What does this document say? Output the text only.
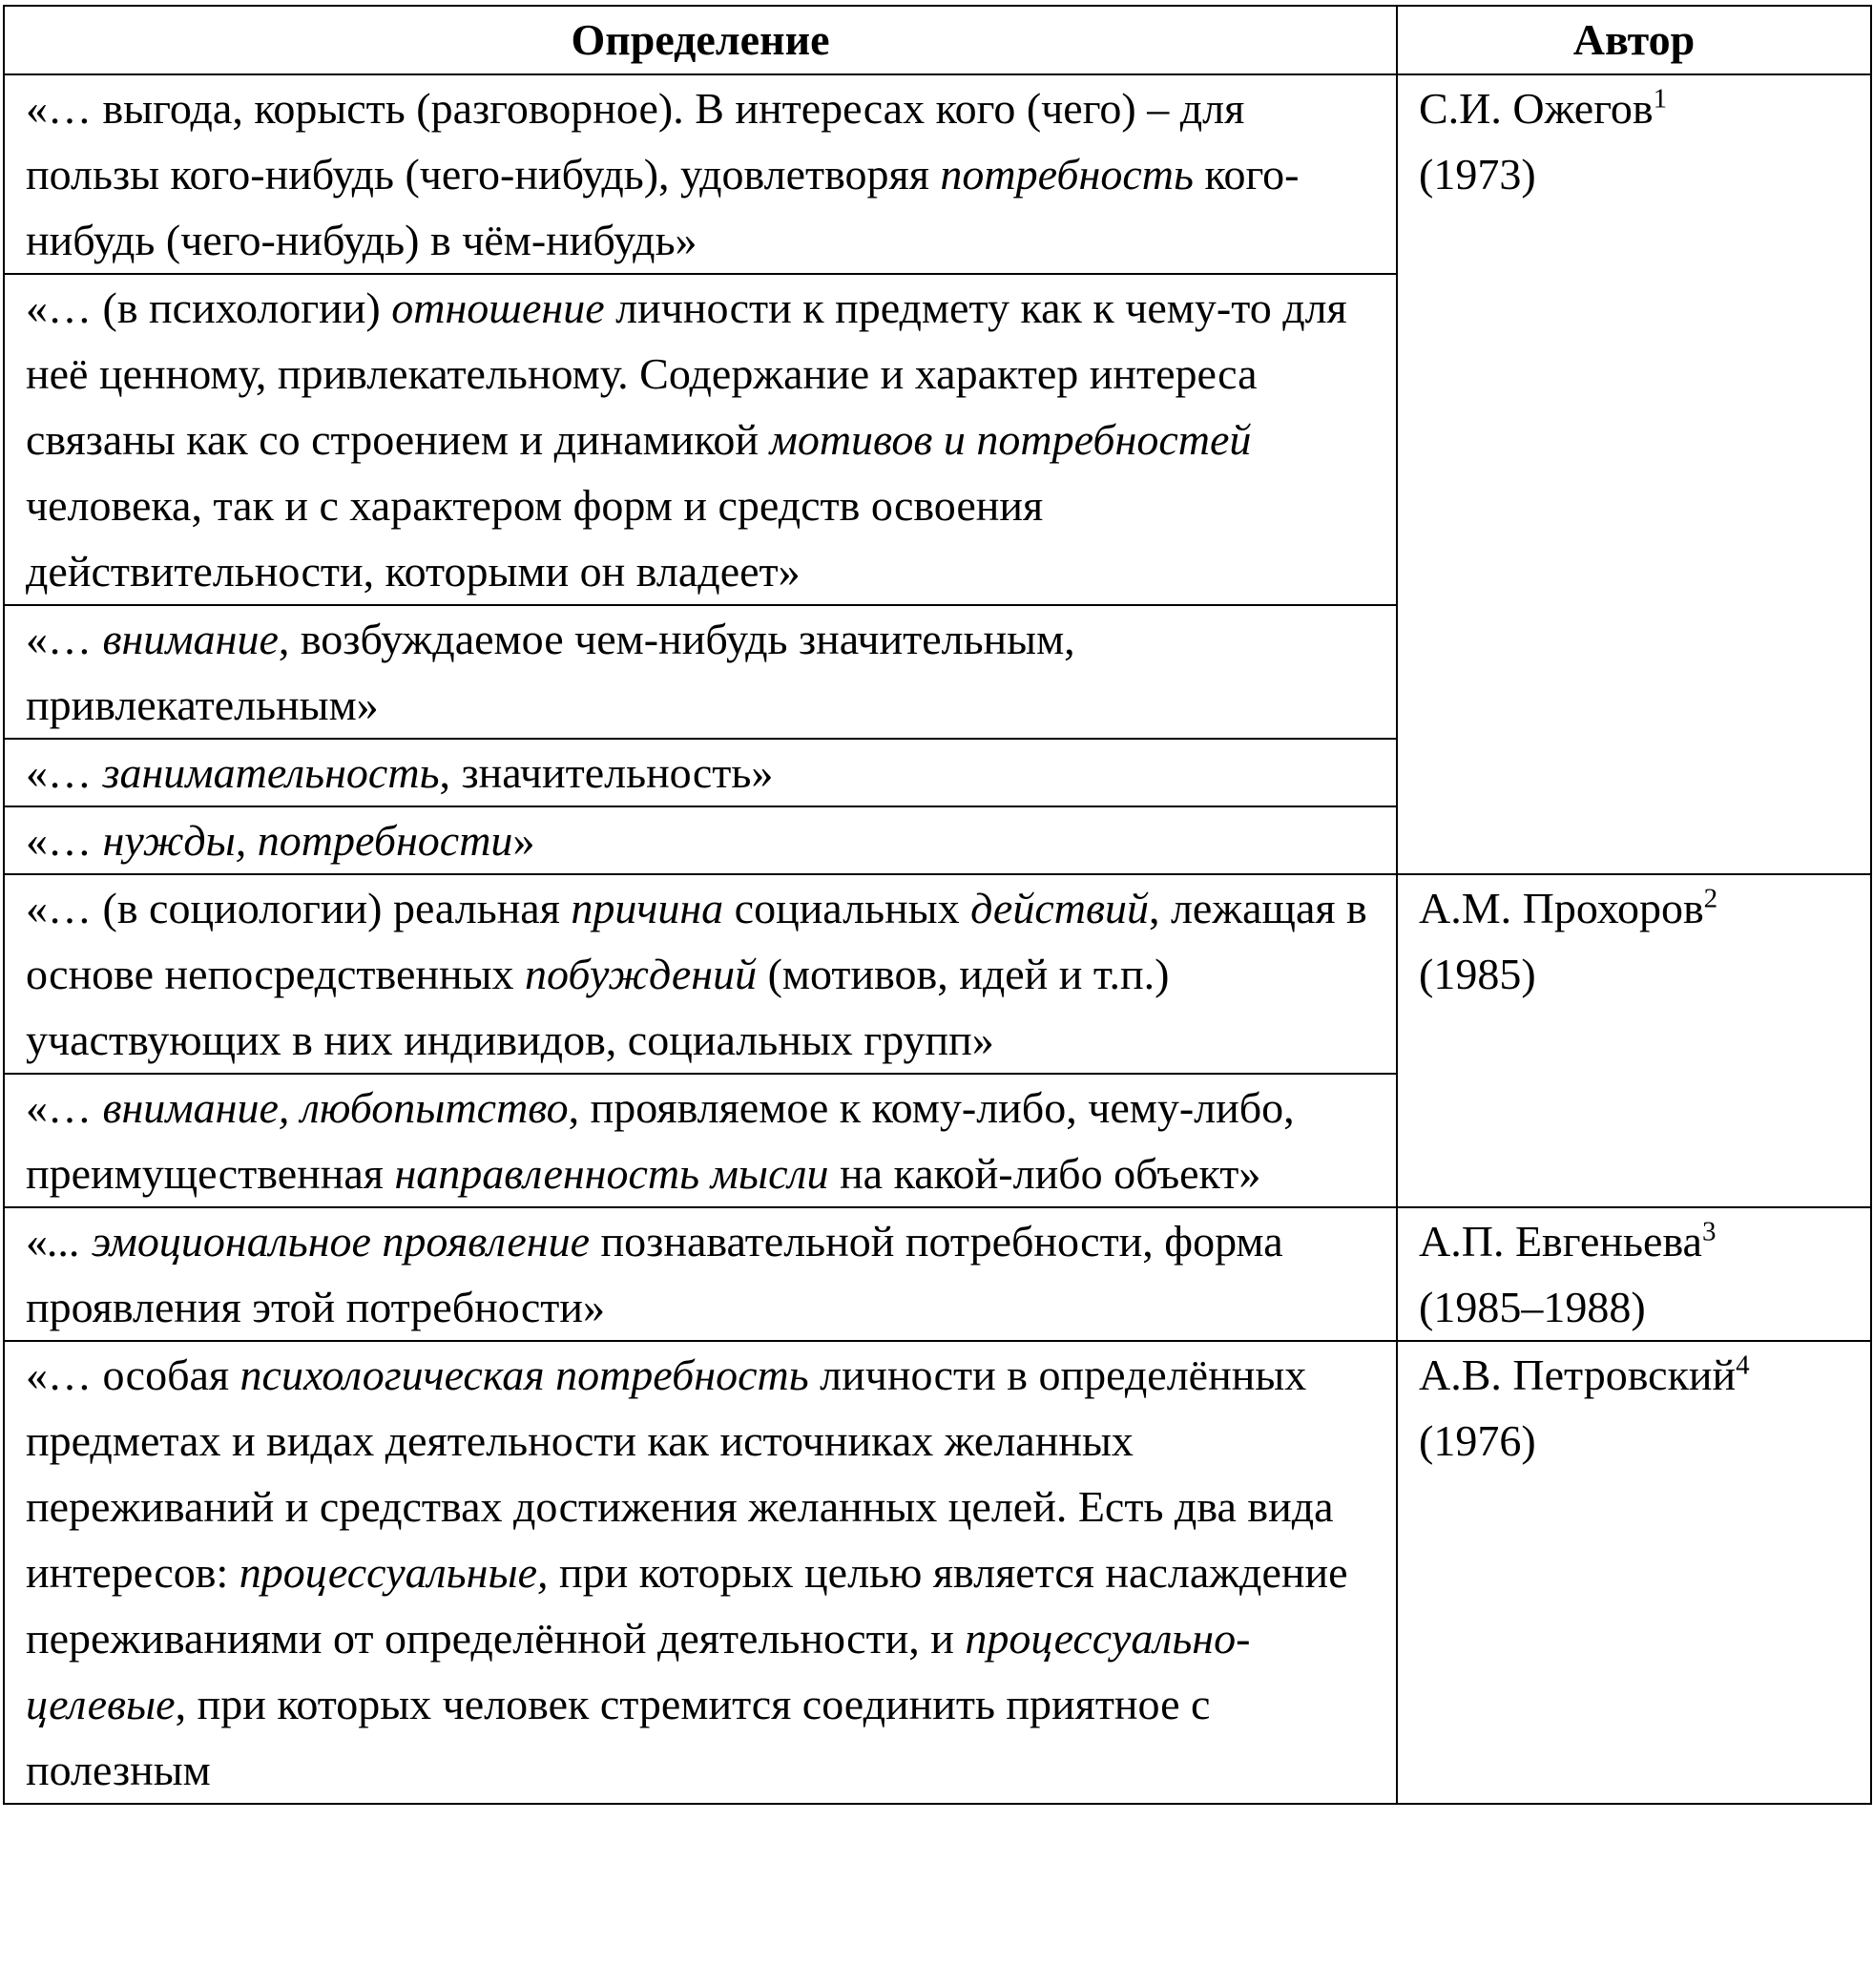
Определение	Автор
«… выгода, корысть (разговорное). В интересах кого (чего) – для пользы кого-нибудь (чего-нибудь), удовлетворяя потребность кого-нибудь (чего-нибудь) в чём-нибудь»	С.И. Ожегов$^1$
(1973)
«… (в психологии) отношение личности к предмету как к чему-то для неё ценному, привлекательному. Содержание и характер интереса связаны как со строением и динамикой мотивов и потребностей человека, так и с характером форм и средств освоения действительности, которыми он владеет»	
«… внимание, возбуждаемое чем-нибудь значительным, привлекательным»	
«… занимательность, значительность»	
«… нужды, потребности»	
«… (в социологии) реальная причина социальных действий, лежащая в основе непосредственных побуждений (мотивов, идей и т.п.) участвующих в них индивидов, социальных групп»	А.М. Прохоров$^2$
(1985)
«… внимание, любопытство, проявляемое к кому-либо, чему-либо, преимущественная направленность мысли на какой-либо объект»	
«... эмоциональное проявление познавательной потребности, форма проявления этой потребности»	А.П. Евгеньева$^3$
(1985–1988)
«… особая психологическая потребность личности в определённых предметах и видах деятельности как источниках желанных переживаний и средствах достижения желанных целей. Есть два вида интересов: процессуальные, при которых целью является наслаждение переживаниями от определённой деятельности, и процессуально-целевые, при которых человек стремится соединить приятное с полезным	А.В. Петровский$^4$
(1976)
